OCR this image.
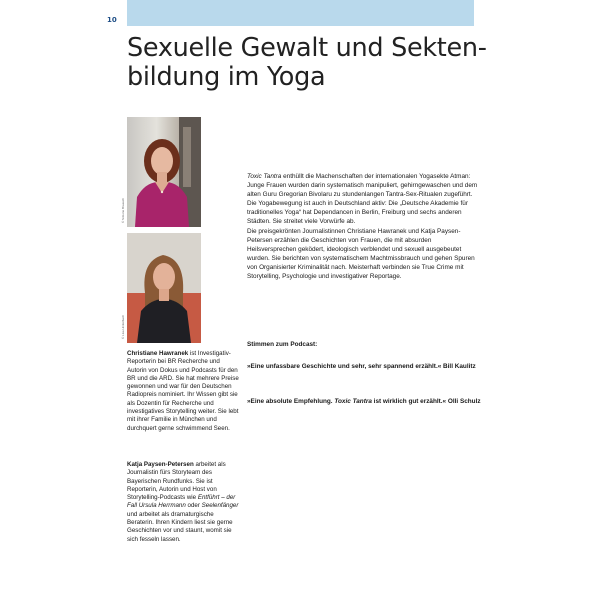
10
Sexuelle Gewalt und Sekten-
bildung im Yoga
© Simone Braasch
© Lisa Hinkelbach
Christiane Hawranek ist Investigativ-Reporterin bei BR Recherche und Autorin von Dokus und Podcasts für den BR und die ARD. Sie hat mehrere Preise gewonnen und war für den Deutschen Radiopreis nominiert. Ihr Wissen gibt sie als Dozentin für Recherche und investigatives Storytelling weiter. Sie lebt mit ihrer Familie in München und durchquert gerne schwimmend Seen.
Katja Paysen-Petersen arbeitet als Journalistin fürs Storyteam des Bayerischen Rundfunks. Sie ist Reporterin, Autorin und Host von Storytelling-Podcasts wie Entführt – der Fall Ursula Herrmann oder Seelenfänger und arbeitet als dramaturgische Beraterin. Ihren Kindern liest sie gerne Geschichten vor und staunt, womit sie sich fesseln lassen.

Toxic Tantra enthüllt die Machenschaften der internationalen Yogasekte Atman: Junge Frauen wurden darin systematisch manipuliert, gehirngewaschen und dem alten Guru Gregorian Bivolaru zu stundenlangen Tantra-Sex-Ritualen zugeführt. Die Yogabewegung ist auch in Deutschland aktiv: Die „Deutsche Akademie für traditionelles Yoga“ hat Dependancen in Berlin, Freiburg und sechs anderen Städten. Sie streitet viele Vorwürfe ab.

Die preisgekrönten Journalistinnen Christiane Hawranek und Katja Paysen-Petersen erzählen die Geschichten von Frauen, die mit absurden Heilsversprechen geködert, ideologisch verblendet und sexuell ausgebeutet wurden. Sie berichten von systematischem Machtmissbrauch und gehen Spuren von Organisierter Kriminalität nach. Meisterhaft verbinden sie True Crime mit Storytelling, Psychologie und investigativer Reportage.

Stimmen zum Podcast:
»Eine unfassbare Geschichte und sehr, sehr spannend erzählt.« Bill Kaulitz
»Eine absolute Empfehlung. Toxic Tantra ist wirklich gut erzählt.« Olli Schulz
